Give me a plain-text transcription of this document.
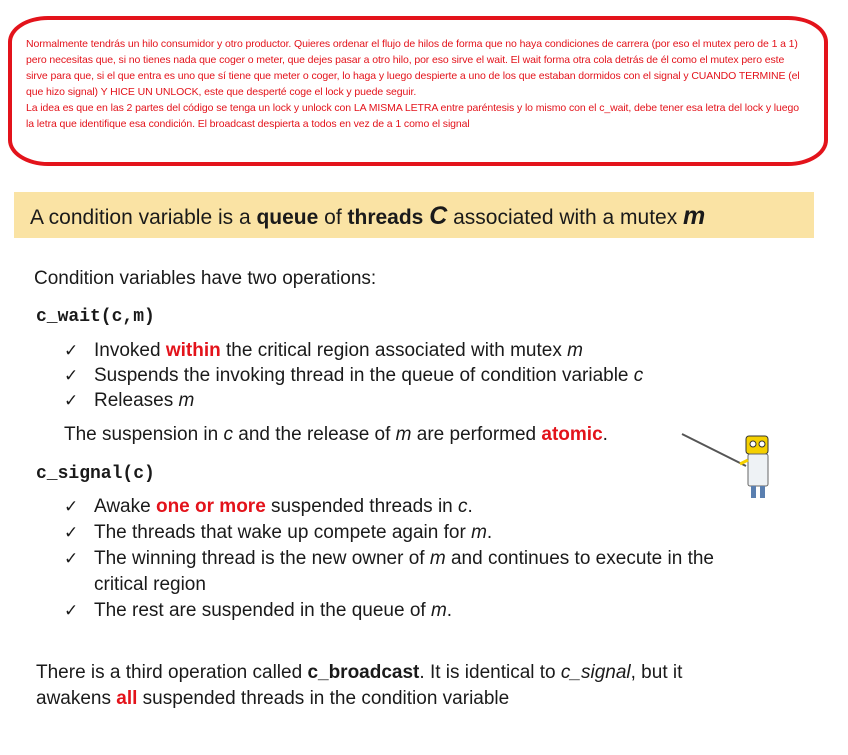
Normalmente tendrás un hilo consumidor y otro productor. Quieres ordenar el flujo de hilos de forma que no haya condiciones de carrera (por eso el mutex pero de 1 a 1) pero necesitas que, si no tienes nada que coger o meter, que dejes pasar a otro hilo, por eso sirve el wait. El wait forma otra cola detrás de él como el mutex pero este sirve para que, si el que entra es uno que sí tiene que meter o coger, lo haga y luego despierte a uno de los que estaban dormidos con el signal y CUANDO TERMINE (el que hizo signal) Y HICE UN UNLOCK, este que desperté coge el lock y puede seguir.

La idea es que en las 2 partes del código se tenga un lock y unlock con LA MISMA LETRA entre paréntesis y lo mismo con el c_wait, debe tener esa letra del lock y luego la letra que identifique esa condición. El broadcast despierta a todos en vez de a 1 como el signal

A condition variable is a queue of threads C associated with a mutex m
Condition variables have two operations:
c_wait(c,m)
✓ Invoked within the critical region associated with mutex m
✓ Suspends the invoking thread in the queue of condition variable c
✓ Releases m
The suspension in c and the release of m are performed atomic.
c_signal(c)
✓ Awake one or more suspended threads in c.
✓ The threads that wake up compete again for m.
✓ The winning thread is the new owner of m and continues to execute in the
critical region
✓ The rest are suspended in the queue of m.
There is a third operation called c_broadcast. It is identical to c_signal, but it
awakens all suspended threads in the condition variable
